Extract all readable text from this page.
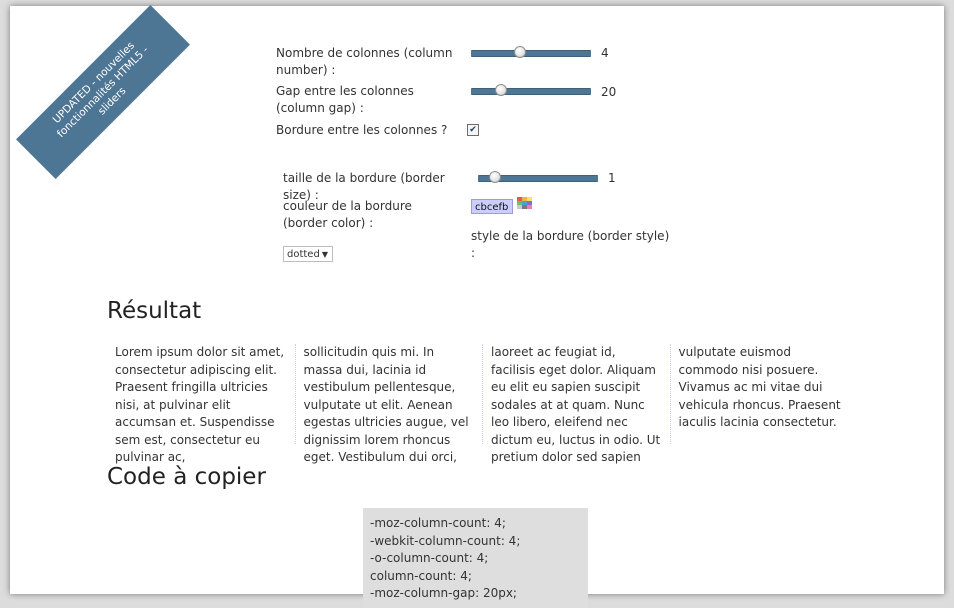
UPDATED - nouvelles fonctionnalités HTML5 - sliders
Nombre de colonnes (column number) :
4
Gap entre les colonnes (column gap) :
20
Bordure entre les colonnes ?	✔
taille de la bordure (border size) :
1
couleur de la bordure (border color) :
cbcefb
style de la bordure (border style) :
dotted ▼
Résultat

Lorem ipsum dolor sit amet, consectetur adipiscing elit. Praesent fringilla ultricies nisi, at pulvinar elit accumsan et. Suspendisse sem est, consectetur eu pulvinar ac,

sollicitudin quis mi. In massa dui, lacinia id vestibulum pellentesque, vulputate ut elit. Aenean egestas ultricies augue, vel dignissim lorem rhoncus eget. Vestibulum dui orci,

laoreet ac feugiat id, facilisis eget dolor. Aliquam eu elit eu sapien suscipit sodales at at quam. Nunc leo libero, eleifend nec dictum eu, luctus in odio. Ut pretium dolor sed sapien

vulputate euismod commodo nisi posuere. Vivamus ac mi vitae dui vehicula rhoncus. Praesent iaculis lacinia consectetur.

Code à copier
-moz-column-count: 4;
-webkit-column-count: 4;
-o-column-count: 4;
column-count: 4;
-moz-column-gap: 20px;
